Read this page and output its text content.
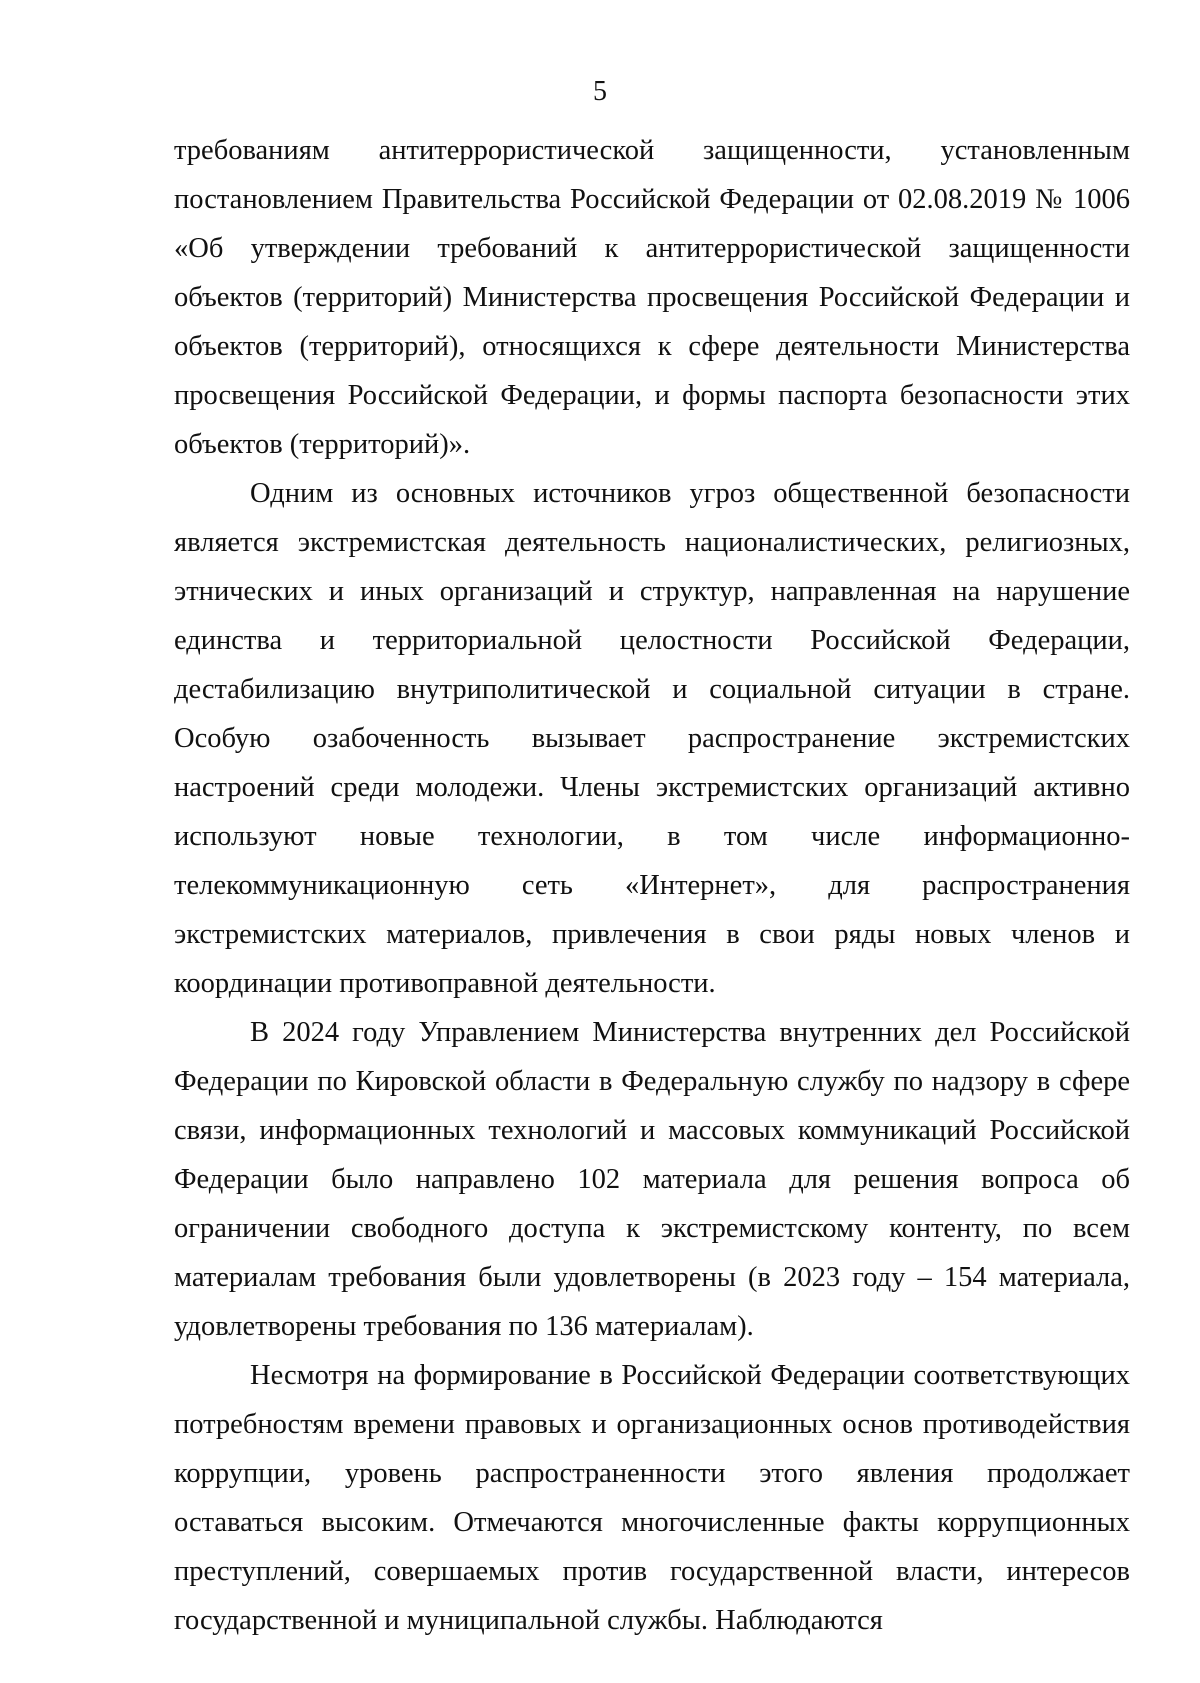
5

требованиям антитеррористической защищенности, установленным постановлением Правительства Российской Федерации от 02.08.2019 № 1006 «Об утверждении требований к антитеррористической защищенности объектов (территорий) Министерства просвещения Российской Федерации и объектов (территорий), относящихся к сфере деятельности Министерства просвещения Российской Федерации, и формы паспорта безопасности этих объектов (территорий)».

Одним из основных источников угроз общественной безопасности является экстремистская деятельность националистических, религиозных, этнических и иных организаций и структур, направленная на нарушение единства и территориальной целостности Российской Федерации, дестабилизацию внутриполитической и социальной ситуации в стране. Особую озабоченность вызывает распространение экстремистских настроений среди молодежи. Члены экстремистских организаций активно используют новые технологии, в том числе информационно-телекоммуникационную сеть «Интернет», для распространения экстремистских материалов, привлечения в свои ряды новых членов и координации противоправной деятельности.

В 2024 году Управлением Министерства внутренних дел Российской Федерации по Кировской области в Федеральную службу по надзору в сфере связи, информационных технологий и массовых коммуникаций Российской Федерации было направлено 102 материала для решения вопроса об ограничении свободного доступа к экстремистскому контенту, по всем материалам требования были удовлетворены (в 2023 году – 154 материала, удовлетворены требования по 136 материалам).

Несмотря на формирование в Российской Федерации соответствующих потребностям времени правовых и организационных основ противодействия коррупции, уровень распространенности этого явления продолжает оставаться высоким. Отмечаются многочисленные факты коррупционных преступлений, совершаемых против государственной власти, интересов государственной и муниципальной службы. Наблюдаются
